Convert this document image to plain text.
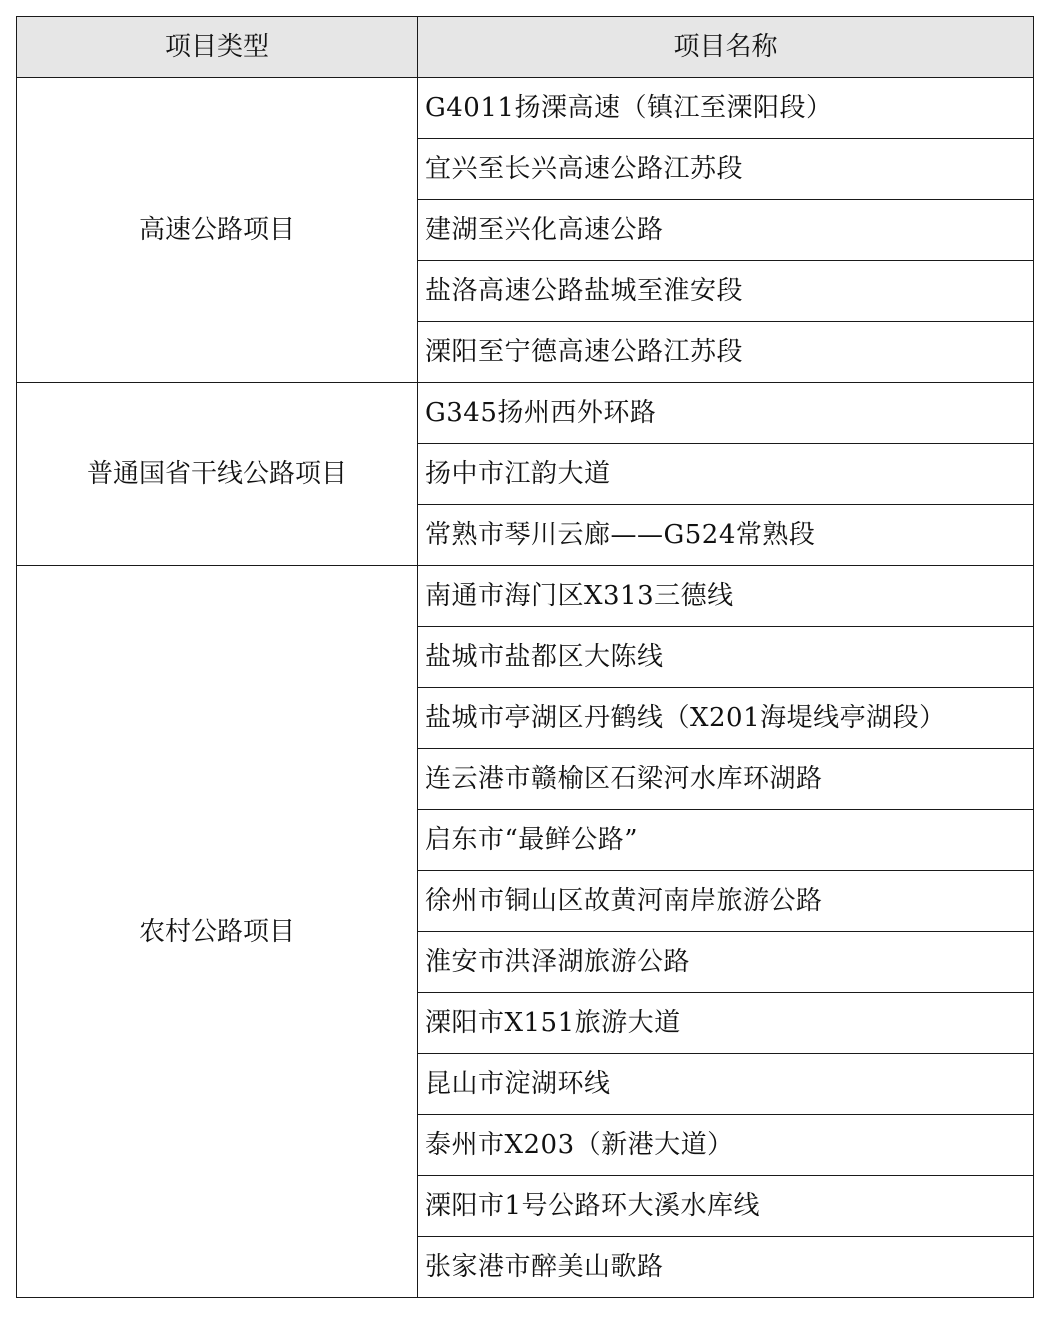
项目类型	项目名称
高速公路项目	G4011扬溧高速（镇江至溧阳段）
	宜兴至长兴高速公路江苏段
	建湖至兴化高速公路
	盐洛高速公路盐城至淮安段
	溧阳至宁德高速公路江苏段
普通国省干线公路项目	G345扬州西外环路
	扬中市江韵大道
	常熟市琴川云廊——G524常熟段
农村公路项目	南通市海门区X313三德线
	盐城市盐都区大陈线
	盐城市亭湖区丹鹤线（X201海堤线亭湖段）
	连云港市赣榆区石梁河水库环湖路
	启东市“最鲜公路”
	徐州市铜山区故黄河南岸旅游公路
	淮安市洪泽湖旅游公路
	溧阳市X151旅游大道
	昆山市淀湖环线
	泰州市X203（新港大道）
	溧阳市1号公路环大溪水库线
	张家港市醉美山歌路
